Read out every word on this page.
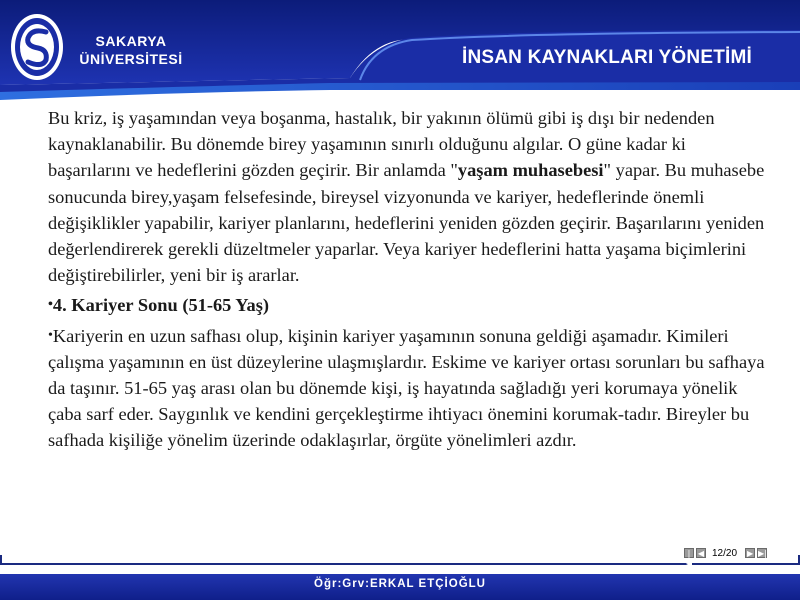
SAKARYA
ÜNİVERSİTESİ	İNSAN KAYNAKLARI YÖNETİMİ

Bu kriz, iş yaşamından veya boşanma, hastalık, bir yakının ölümü gibi iş dışı bir nedenden kaynaklanabilir. Bu dönemde birey yaşamının sınırlı olduğunu algılar. O güne kadar ki başarılarını ve hedeflerini gözden geçirir. Bir anlamda "yaşam muhasebesi" yapar. Bu muhasebe sonucunda birey,yaşam felsefesinde, bireysel vizyonunda ve kariyer, hedeflerinde önemli değişiklikler yapabilir, kariyer planlarını, hedeflerini yeniden gözden geçirir. Başarılarını yeniden değerlendirerek gerekli düzeltmeler yaparlar. Veya kariyer hedeflerini hatta yaşama biçimlerini değiştirebilirler, yeni bir iş ararlar.

•4. Kariyer Sonu (51-65 Yaş)

•Kariyerin en uzun safhası olup, kişinin kariyer yaşamının sonuna geldiği aşamadır. Kimileri çalışma yaşamının en üst düzeylerine ulaşmışlardır. Eskime ve kariyer ortası sorunları bu safhaya da taşınır. 51-65 yaş arası olan bu dönemde kişi, iş hayatında sağladığı yeri korumaya yönelik çaba sarf eder. Saygınlık ve kendini gerçekleştirme ihtiyacı önemini korumak-tadır. Bireyler bu safhada kişiliğe yönelim üzerinde odaklaşırlar, örgüte yönelimleri azdır.

|◀
◀ 12/20 ▶ ▶|
Öğr:Grv:ERKAL ETÇİOĞLU
